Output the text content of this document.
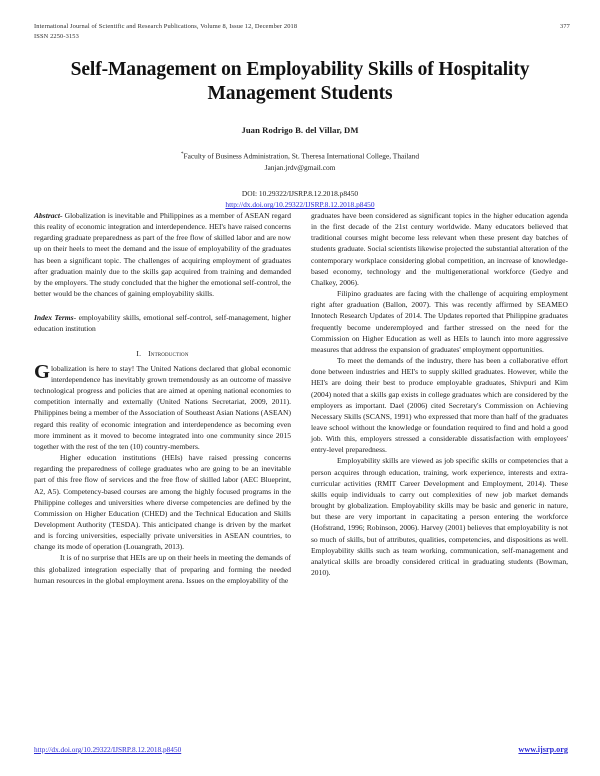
International Journal of Scientific and Research Publications, Volume 8, Issue 12, December 2018
ISSN 2250-3153
377
Self-Management on Employability Skills of Hospitality Management Students
Juan Rodrigo B. del Villar, DM
*Faculty of Business Administration, St. Theresa International College, Thailand
Janjan.jrdv@gmail.com
DOI: 10.29322/IJSRP.8.12.2018.p8450
http://dx.doi.org/10.29322/IJSRP.8.12.2018.p8450

Abstract- Globalization is inevitable and Philippines as a member of ASEAN regard this reality of economic integration and interdependence. HEI's have raised concerns regarding graduate preparedness as part of the free flow of skilled labor and are now up on their heels to meet the demand and the issue of employability of the graduates has been a significant topic. The challenges of acquiring employment of graduates after graduation mainly due to the skills gap acquired from training and demanded by the employers. The study concluded that the higher the emotional self-control, the better would be the chances of gaining employability skills.

Index Terms- employability skills, emotional self-control, self-management, higher education institution

I. Introduction

Globalization is here to stay! The United Nations declared that global economic interdependence has inevitably grown tremendously as an outcome of massive technological progress and policies that are aimed at opening national economies to competition internally and externally (United Nations Secretariat, 2009, 2011). Philippines being a member of the Association of Southeast Asian Nations (ASEAN) regard this reality of economic integration and interdependence as becoming even more imminent as it moved to become integrated into one community since 2015 together with the rest of the ten (10) country-members.

Higher education institutions (HEIs) have raised pressing concerns regarding the preparedness of college graduates who are going to be an inevitable part of this free flow of services and the free flow of skilled labor (AEC Blueprint, A2, A5). Competency-based courses are among the highly focused programs in the Philippine colleges and universities where diverse competencies are defined by the Commission on Higher Education (CHED) and the Technical Education and Skills Development Authority (TESDA). This anticipated change is driven by the market and is forcing universities, especially private universities in ASEAN countries, to change its mode of operation (Louangrath, 2013).

It is of no surprise that HEIs are up on their heels in meeting the demands of this globalized integration especially that of preparing and forming the needed human resources in the global employment arena. Issues on the employability of the

graduates have been considered as significant topics in the higher education agenda in the first decade of the 21st century worldwide. Many educators believed that traditional courses might become less relevant when these present day batches of students graduate. Social scientists likewise projected the substantial alteration of the contemporary workplace considering global competition, an increase of knowledge-based economy, technology and the multigenerational workforce (Gedye and Chalkey, 2006).

Filipino graduates are facing with the challenge of acquiring employment right after graduation (Ballon, 2007). This was recently affirmed by SEAMEO Innotech Research Updates of 2014. The Updates reported that Philippine graduates frequently become underemployed and farther stressed on the need for the Commission on Higher Education as well as HEIs to launch into more aggressive measures that address the expansion of graduates' employment opportunities.

To meet the demands of the industry, there has been a collaborative effort done between industries and HEI's to supply skilled graduates. However, while the HEI's are doing their best to produce employable graduates, Shivpuri and Kim (2004) noted that a skills gap exists in college graduates which are considered by the employers as important. Dael (2006) cited Secretary's Commission on Achieving Necessary Skills (SCANS, 1991) who expressed that more than half of the graduates leave school without the knowledge or foundation required to find and hold a good job. With this, employers stressed a considerable dissatisfaction with employees' entry-level preparedness.

Employability skills are viewed as job specific skills or competencies that a person acquires through education, training, work experience, interests and extra-curricular activities (RMIT Career Development and Employment, 2014). These skills equip individuals to carry out complexities of new job market demands brought by globalization. Employability skills may be basic and generic in nature, but these are very important in capacitating a person entering the workforce (Hofstrand, 1996; Robinson, 2006). Harvey (2001) believes that employability is not so much of skills, but of attributes, qualities, competencies, and dispositions as well. Employability skills such as team working, communication, self-management and analytical skills are broadly considered critical in graduating students (Bowman, 2010).

http://dx.doi.org/10.29322/IJSRP.8.12.2018.p8450	www.ijsrp.org
